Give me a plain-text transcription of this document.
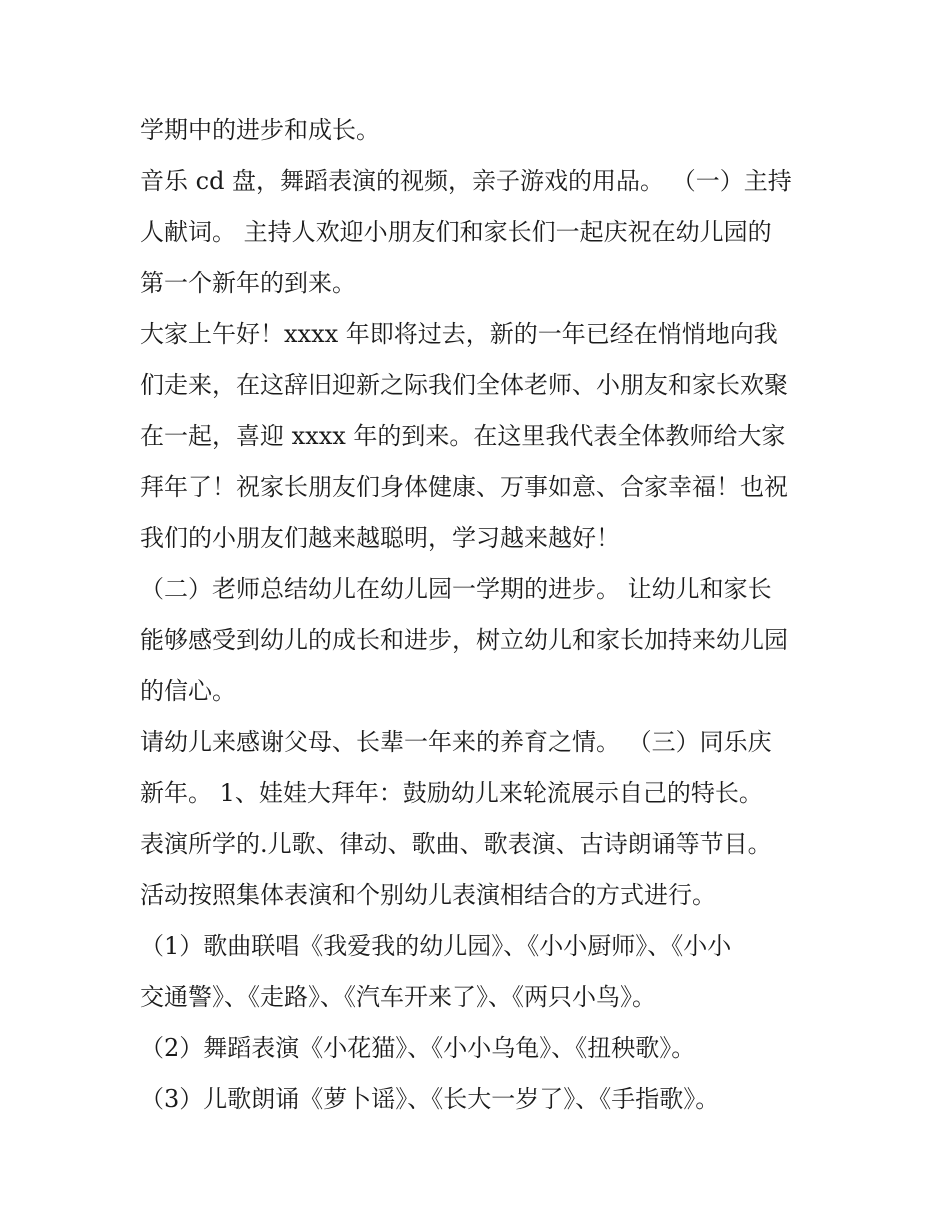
学期中的进步和成长。
音乐 cd 盘，舞蹈表演的视频，亲子游戏的用品。 （一）主持
人献词。 主持人欢迎小朋友们和家长们一起庆祝在幼儿园的
第一个新年的到来。
大家上午好！xxxx 年即将过去，新的一年已经在悄悄地向我
们走来，在这辞旧迎新之际我们全体老师、小朋友和家长欢聚
在一起，喜迎 xxxx 年的到来。在这里我代表全体教师给大家
拜年了！祝家长朋友们身体健康、万事如意、合家幸福！也祝
我们的小朋友们越来越聪明，学习越来越好！
（二）老师总结幼儿在幼儿园一学期的进步。 让幼儿和家长
能够感受到幼儿的成长和进步，树立幼儿和家长加持来幼儿园
的信心。
请幼儿来感谢父母、长辈一年来的养育之情。 （三）同乐庆
新年。 1、娃娃大拜年：鼓励幼儿来轮流展示自己的特长。
表演所学的.儿歌、律动、歌曲、歌表演、古诗朗诵等节目。
活动按照集体表演和个别幼儿表演相结合的方式进行。
（1）歌曲联唱《我爱我的幼儿园》、《小小厨师》、《小小
交通警》、《走路》、《汽车开来了》、《两只小鸟》。
（2）舞蹈表演《小花猫》、《小小乌龟》、《扭秧歌》。
（3）儿歌朗诵《萝卜谣》、《长大一岁了》、《手指歌》。
